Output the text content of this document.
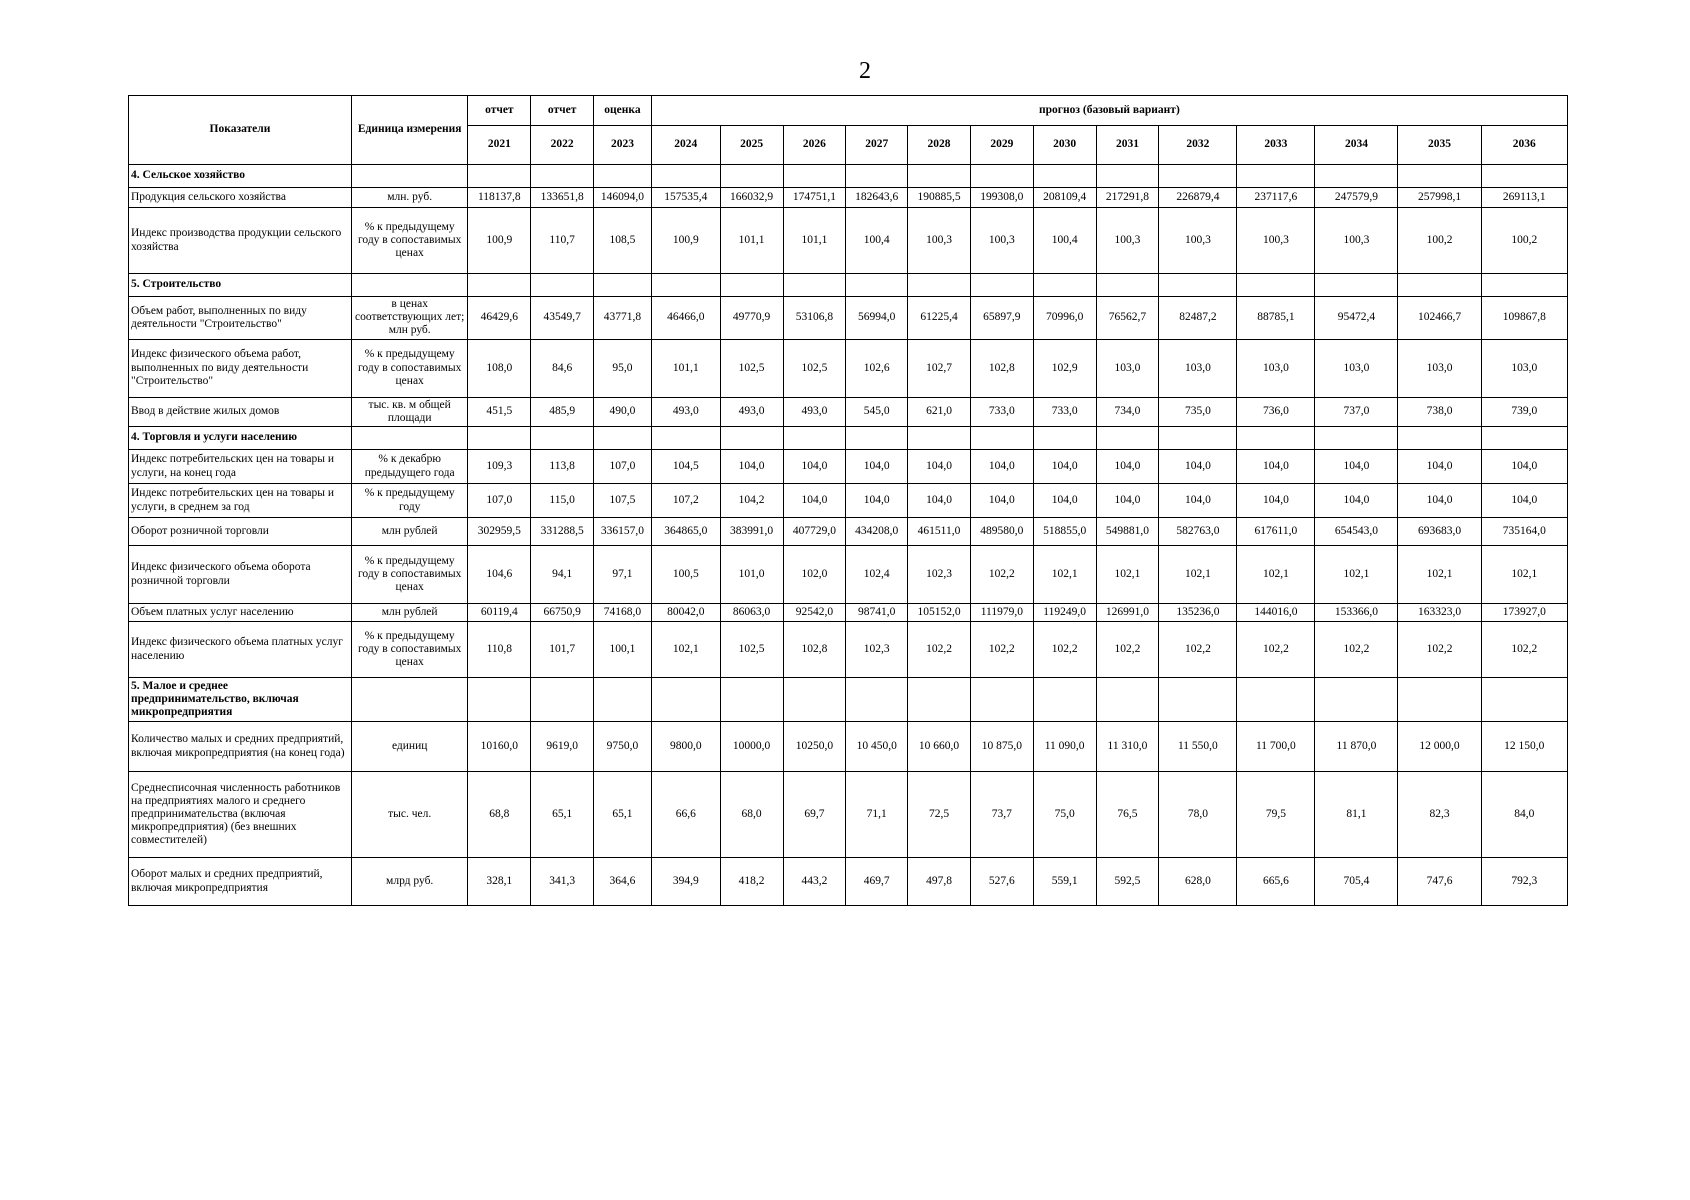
2
Показатели	Единица измерения	отчет	отчет	оценка	прогноз (базовый вариант)												
		2021	2022	2023	2024	2025	2026	2027	2028	2029	2030	2031	2032	2033	2034	2035	2036
4. Сельское хозяйство																	
Продукция сельского хозяйства	млн. руб.	118137,8	133651,8	146094,0	157535,4	166032,9	174751,1	182643,6	190885,5	199308,0	208109,4	217291,8	226879,4	237117,6	247579,9	257998,1	269113,1
Индекс производства продукции сельского хозяйства	% к предыдущему году в сопоставимых ценах	100,9	110,7	108,5	100,9	101,1	101,1	100,4	100,3	100,3	100,4	100,3	100,3	100,3	100,3	100,2	100,2
5. Строительство																	
Объем работ, выполненных по виду деятельности "Строительство"	в ценах соответствующих лет; млн руб.	46429,6	43549,7	43771,8	46466,0	49770,9	53106,8	56994,0	61225,4	65897,9	70996,0	76562,7	82487,2	88785,1	95472,4	102466,7	109867,8
Индекс физического объема работ, выполненных по виду деятельности "Строительство"	% к предыдущему году в сопоставимых ценах	108,0	84,6	95,0	101,1	102,5	102,5	102,6	102,7	102,8	102,9	103,0	103,0	103,0	103,0	103,0	103,0
Ввод в действие жилых домов	тыс. кв. м общей площади	451,5	485,9	490,0	493,0	493,0	493,0	545,0	621,0	733,0	733,0	734,0	735,0	736,0	737,0	738,0	739,0
4. Торговля и услуги населению																	
Индекс потребительских цен на товары и услуги, на конец года	% к декабрю предыдущего года	109,3	113,8	107,0	104,5	104,0	104,0	104,0	104,0	104,0	104,0	104,0	104,0	104,0	104,0	104,0	104,0
Индекс потребительских цен на товары и услуги, в среднем за год	% к предыдущему году	107,0	115,0	107,5	107,2	104,2	104,0	104,0	104,0	104,0	104,0	104,0	104,0	104,0	104,0	104,0	104,0
Оборот розничной торговли	млн рублей	302959,5	331288,5	336157,0	364865,0	383991,0	407729,0	434208,0	461511,0	489580,0	518855,0	549881,0	582763,0	617611,0	654543,0	693683,0	735164,0
Индекс физического объема оборота розничной торговли	% к предыдущему году в сопоставимых ценах	104,6	94,1	97,1	100,5	101,0	102,0	102,4	102,3	102,2	102,1	102,1	102,1	102,1	102,1	102,1	102,1
Объем платных услуг населению	млн рублей	60119,4	66750,9	74168,0	80042,0	86063,0	92542,0	98741,0	105152,0	111979,0	119249,0	126991,0	135236,0	144016,0	153366,0	163323,0	173927,0
Индекс физического объема платных услуг населению	% к предыдущему году в сопоставимых ценах	110,8	101,7	100,1	102,1	102,5	102,8	102,3	102,2	102,2	102,2	102,2	102,2	102,2	102,2	102,2	102,2
5. Малое и среднее предпринимательство, включая микропредприятия																	
Количество малых и средних предприятий, включая микропредприятия (на конец года)	единиц	10160,0	9619,0	9750,0	9800,0	10000,0	10250,0	10 450,0	10 660,0	10 875,0	11 090,0	11 310,0	11 550,0	11 700,0	11 870,0	12 000,0	12 150,0
Среднесписочная численность работников на предприятиях малого и среднего предпринимательства (включая микропредприятия) (без внешних совместителей)	тыс. чел.	68,8	65,1	65,1	66,6	68,0	69,7	71,1	72,5	73,7	75,0	76,5	78,0	79,5	81,1	82,3	84,0
Оборот малых и средних предприятий, включая микропредприятия	млрд руб.	328,1	341,3	364,6	394,9	418,2	443,2	469,7	497,8	527,6	559,1	592,5	628,0	665,6	705,4	747,6	792,3
